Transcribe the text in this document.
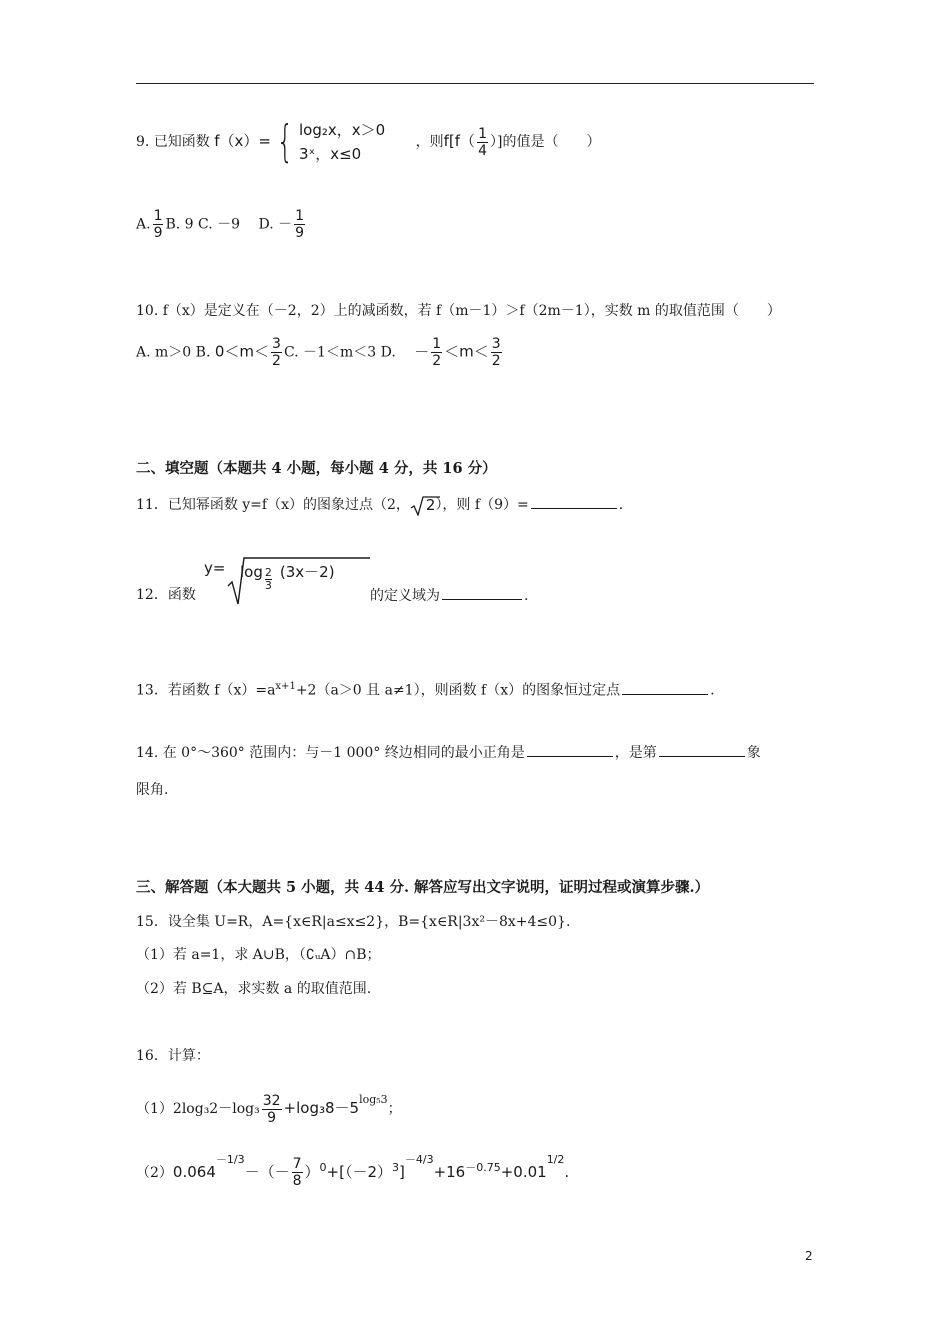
9. 已知函数 f（x）= { log₂x，x＞0
3ˣ，x≤0
，则$f[f( \frac{1}{4}$ ）]的值是（　　）
A. $\frac{1}{9} B$. 9 C. －9　 D. － $\frac{1}{9}$
10. f（x）是定义在（－2，2）上的减函数，若 f（m－1）＞f（2m－1），实数 m 的取值范围（　　）
A. m＞0 B. $0<m< \frac{3}{2} C$. －1＜m＜3 D. － $\frac{1}{2} <m< \frac{3}{2}$
二、填空题（本题共 4 小题，每小题 4 分，共 16 分）
11．已知幂函数 y=f（x）的图象过点（2， 2），则 f（9）=	.
$y= \log \frac{2}{3} (3x-2)$
12．函数	的定义域为	.
13．若函数 $f(x)=a^{x+1}+2(a>0$ 且 a≠1），则函数 f（x）的图象恒过定点	.
14. 在 0°～360° 范围内：与－1 000° 终边相同的最小正角是	，是第	象
限角.
三、解答题（本大题共 5 小题，共 44 分. 解答应写出文字说明，证明过程或演算步骤.）
15．设全集 U=R，A={x∈R|a≤x≤2}，B={x∈R|3x²－8x+4≤0}.
（1）若 a=1，求 A∪B，（∁ᵤA）∩B；
（2）若 B⊆A，求实数 a 的取值范围.
16．计算：
$(1)2\log_32-\log_3 \frac{32}{9} +\log_38-5^{log_53}$；
$(2)0.064^{-1/3}-(- \frac{7}{8} )^0+[(-2)^3]^{-4/3}+16^{-0.75}+0.01^{1/2}$.
2
